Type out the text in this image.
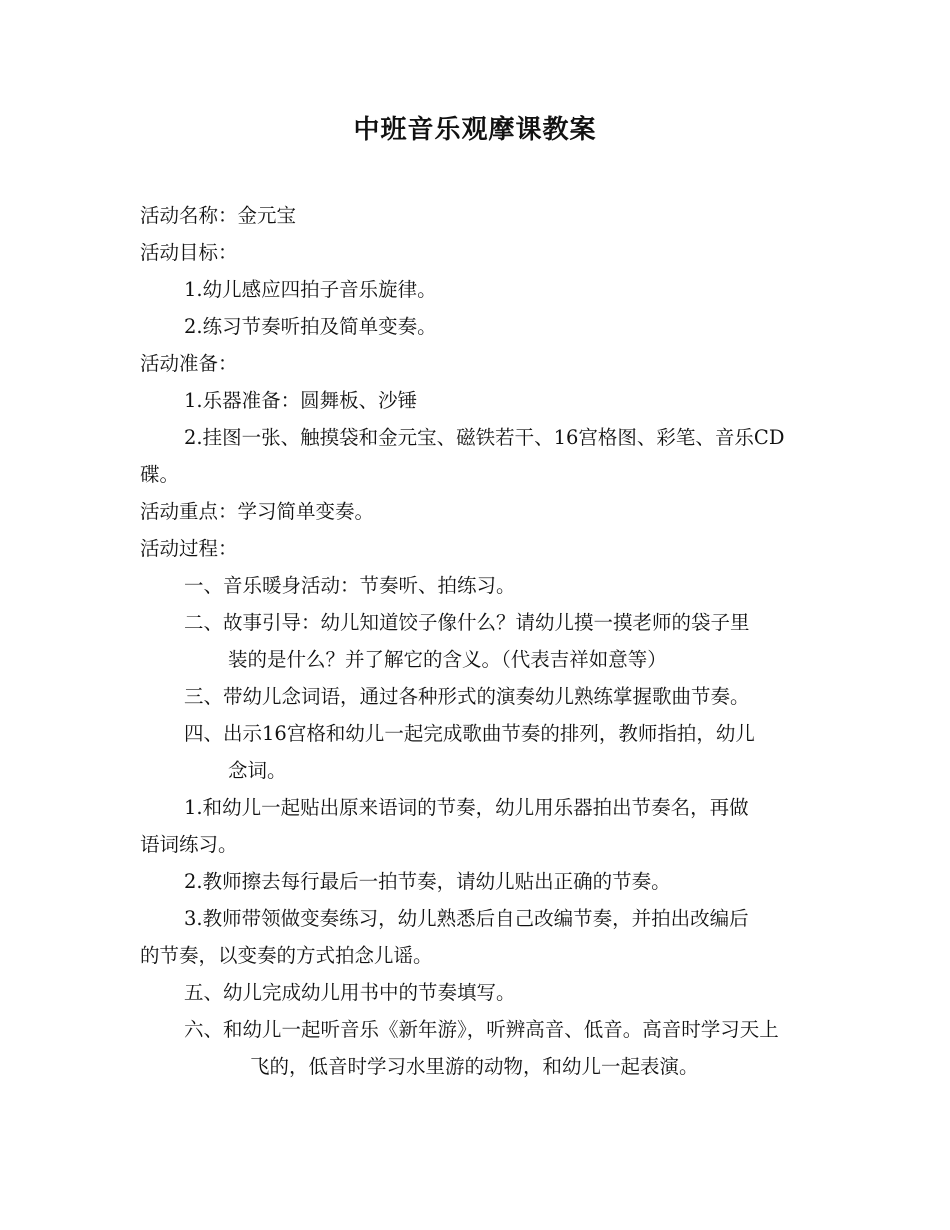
中班音乐观摩课教案
活动名称：金元宝
活动目标：
1.幼儿感应四拍子音乐旋律。
2.练习节奏听拍及简单变奏。
活动准备：
1.乐器准备：圆舞板、沙锤
2.挂图一张、触摸袋和金元宝、磁铁若干、16宫格图、彩笔、音乐CD
碟。
活动重点：学习简单变奏。
活动过程：
一、音乐暖身活动：节奏听、拍练习。
二、故事引导：幼儿知道饺子像什么？请幼儿摸一摸老师的袋子里
装的是什么？并了解它的含义。（代表吉祥如意等）
三、带幼儿念词语，通过各种形式的演奏幼儿熟练掌握歌曲节奏。
四、出示16宫格和幼儿一起完成歌曲节奏的排列，教师指拍，幼儿
念词。
1.和幼儿一起贴出原来语词的节奏，幼儿用乐器拍出节奏名，再做
语词练习。
2.教师擦去每行最后一拍节奏，请幼儿贴出正确的节奏。
3.教师带领做变奏练习，幼儿熟悉后自己改编节奏，并拍出改编后
的节奏，以变奏的方式拍念儿谣。
五、幼儿完成幼儿用书中的节奏填写。
六、和幼儿一起听音乐《新年游》，听辨高音、低音。高音时学习天上
飞的，低音时学习水里游的动物，和幼儿一起表演。
